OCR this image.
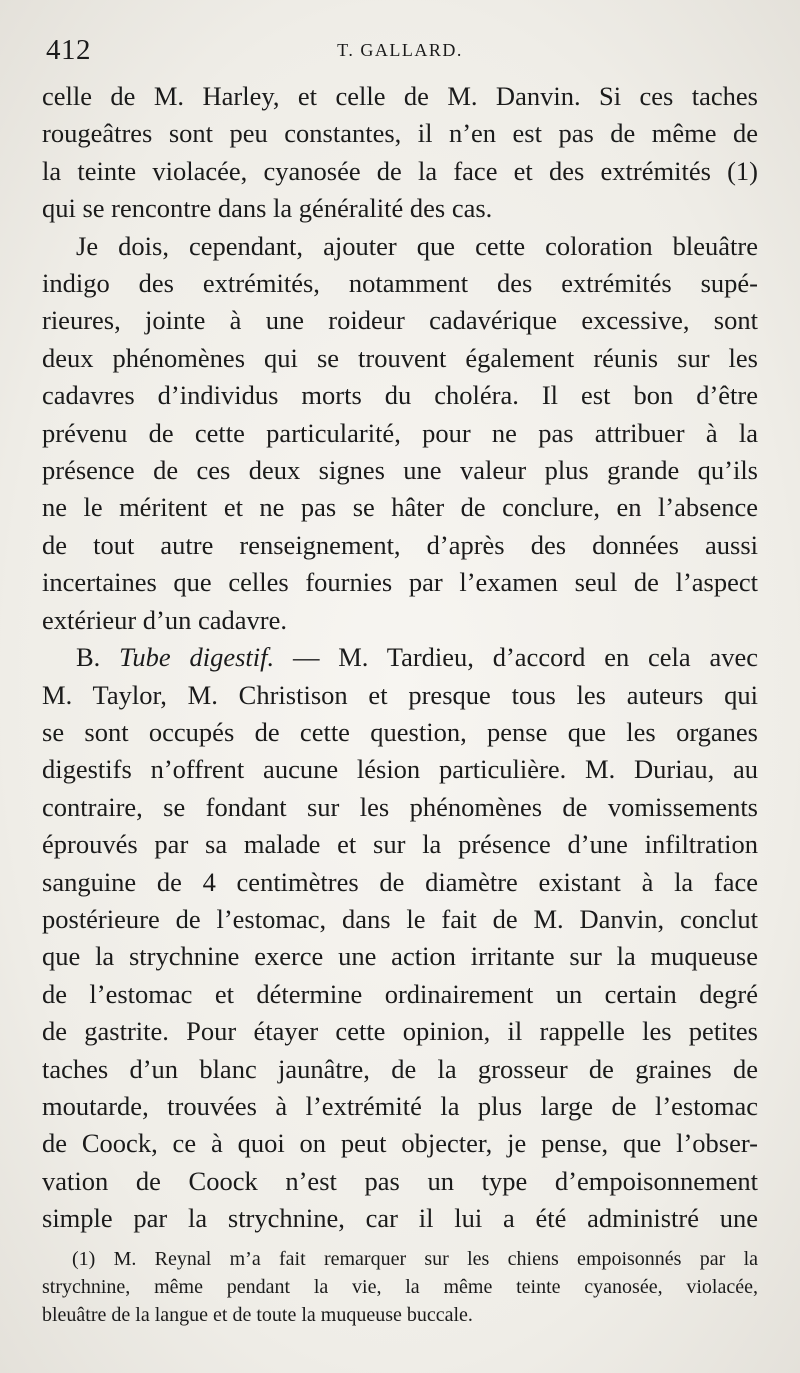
412	T. GALLARD.
celle de M. Harley, et celle de M. Danvin. Si ces taches
rougeâtres sont peu constantes, il n’en est pas de même de
la teinte violacée, cyanosée de la face et des extrémités (1)
qui se rencontre dans la généralité des cas.
Je dois, cependant, ajouter que cette coloration bleuâtre
indigo des extrémités, notamment des extrémités supé-
rieures, jointe à une roideur cadavérique excessive, sont
deux phénomènes qui se trouvent également réunis sur les
cadavres d’individus morts du choléra. Il est bon d’être
prévenu de cette particularité, pour ne pas attribuer à la
présence de ces deux signes une valeur plus grande qu’ils
ne le méritent et ne pas se hâter de conclure, en l’absence
de tout autre renseignement, d’après des données aussi
incertaines que celles fournies par l’examen seul de l’aspect
extérieur d’un cadavre.
B. Tube digestif. — M. Tardieu, d’accord en cela avec
M. Taylor, M. Christison et presque tous les auteurs qui
se sont occupés de cette question, pense que les organes
digestifs n’offrent aucune lésion particulière. M. Duriau, au
contraire, se fondant sur les phénomènes de vomissements
éprouvés par sa malade et sur la présence d’une infiltration
sanguine de 4 centimètres de diamètre existant à la face
postérieure de l’estomac, dans le fait de M. Danvin, conclut
que la strychnine exerce une action irritante sur la muqueuse
de l’estomac et détermine ordinairement un certain degré
de gastrite. Pour étayer cette opinion, il rappelle les petites
taches d’un blanc jaunâtre, de la grosseur de graines de
moutarde, trouvées à l’extrémité la plus large de l’estomac
de Coock, ce à quoi on peut objecter, je pense, que l’obser-
vation de Coock n’est pas un type d’empoisonnement
simple par la strychnine, car il lui a été administré une
(1) M. Reynal m’a fait remarquer sur les chiens empoisonnés par la
strychnine, même pendant la vie, la même teinte cyanosée, violacée,
bleuâtre de la langue et de toute la muqueuse buccale.
